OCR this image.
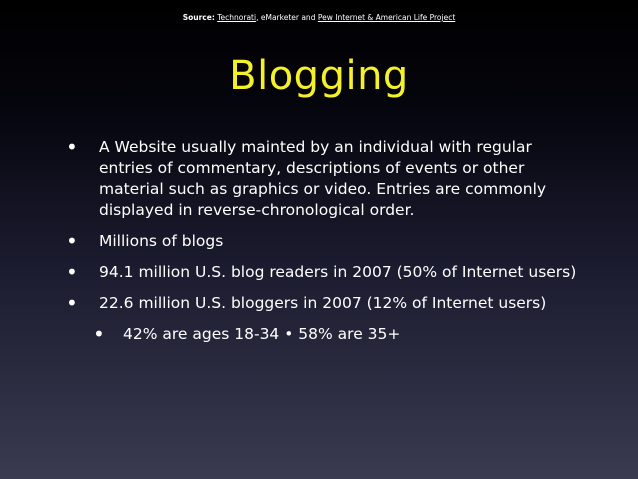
Source: Technorati, eMarketer and Pew Internet & American Life Project
Blogging
• A Website usually mainted by an individual with regular entries of commentary, descriptions of events or other material such as graphics or video. Entries are commonly displayed in reverse-chronological order.
• Millions of blogs
• 94.1 million U.S. blog readers in 2007 (50% of Internet users)
• 22.6 million U.S. bloggers in 2007 (12% of Internet users)
• 42% are ages 18-34 • 58% are 35+
